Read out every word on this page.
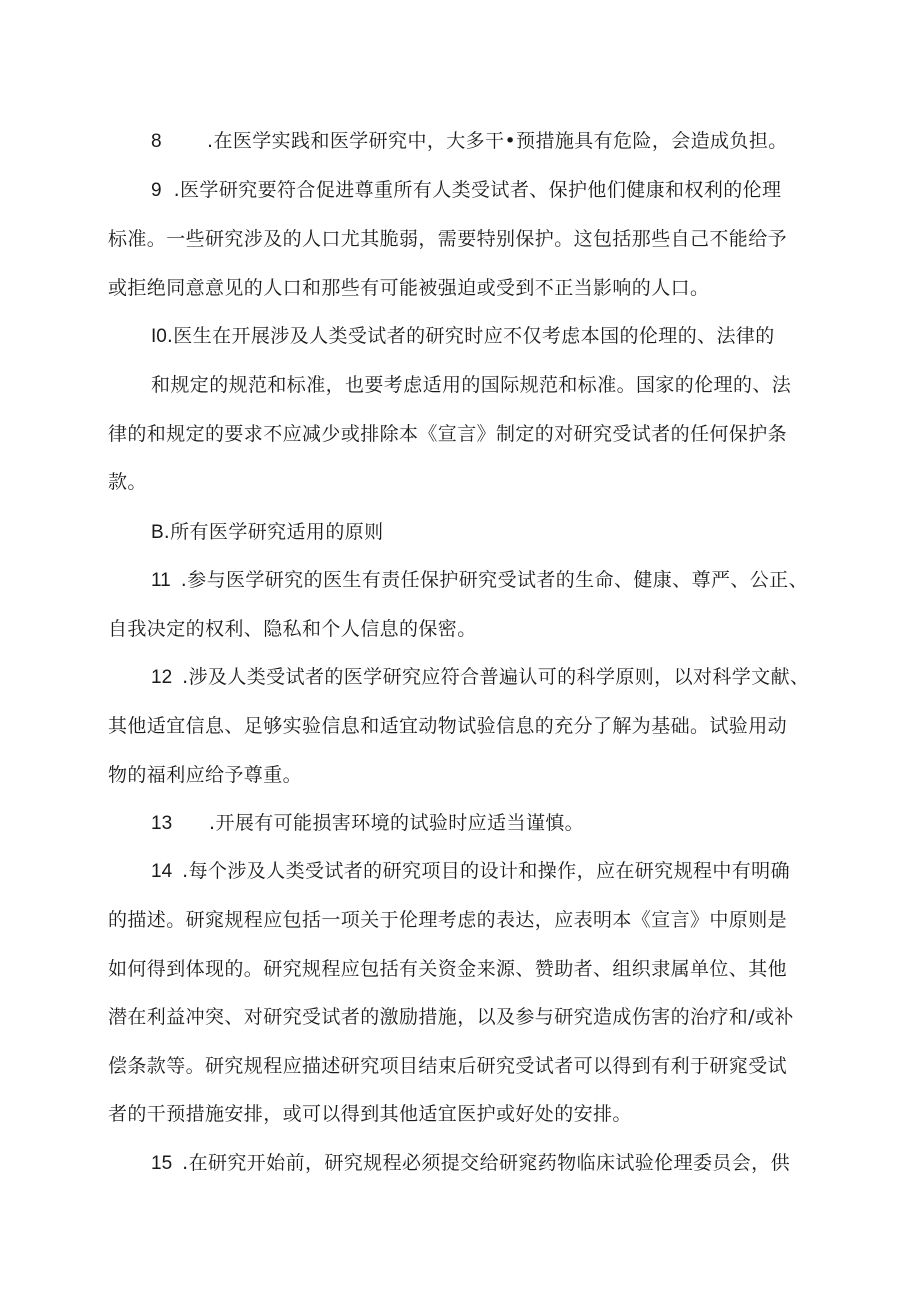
8 .在医学实践和医学研究中，大多干•预措施具有危险，会造成负担。
9 .医学研究要符合促进尊重所有人类受试者、保护他们健康和权利的伦理
标准。一些研究涉及的人口尤其脆弱，需要特别保护。这包括那些自己不能给予
或拒绝同意意见的人口和那些有可能被强迫或受到不正当影响的人口。
I0.医生在开展涉及人类受试者的研究时应不仅考虑本国的伦理的、法律的
和规定的规范和标准，也要考虑适用的国际规范和标准。国家的伦理的、法
律的和规定的要求不应减少或排除本《宣言》制定的对研究受试者的任何保护条
款。
B.所有医学研究适用的原则
11 .参与医学研究的医生有责任保护研究受试者的生命、健康、尊严、公正、
自我决定的权利、隐私和个人信息的保密。
12 .涉及人类受试者的医学研究应符合普遍认可的科学原则，以对科学文献、
其他适宜信息、足够实验信息和适宜动物试验信息的充分了解为基础。试验用动
物的福利应给予尊重。
13 .开展有可能损害环境的试验时应适当谨慎。
14 .每个涉及人类受试者的研究项目的设计和操作，应在研究规程中有明确
的描述。研窕规程应包括一项关于伦理考虑的表达，应表明本《宣言》中原则是
如何得到体现的。研究规程应包括有关资金来源、赞助者、组织隶属单位、其他
潜在利益冲突、对研究受试者的激励措施，以及参与研究造成伤害的治疗和/或补
偿条款等。研究规程应描述研究项目结束后研究受试者可以得到有利于研窕受试
者的干预措施安排，或可以得到其他适宜医护或好处的安排。
15 .在研究开始前，研究规程必须提交给研窕药物临床试验伦理委员会，供
